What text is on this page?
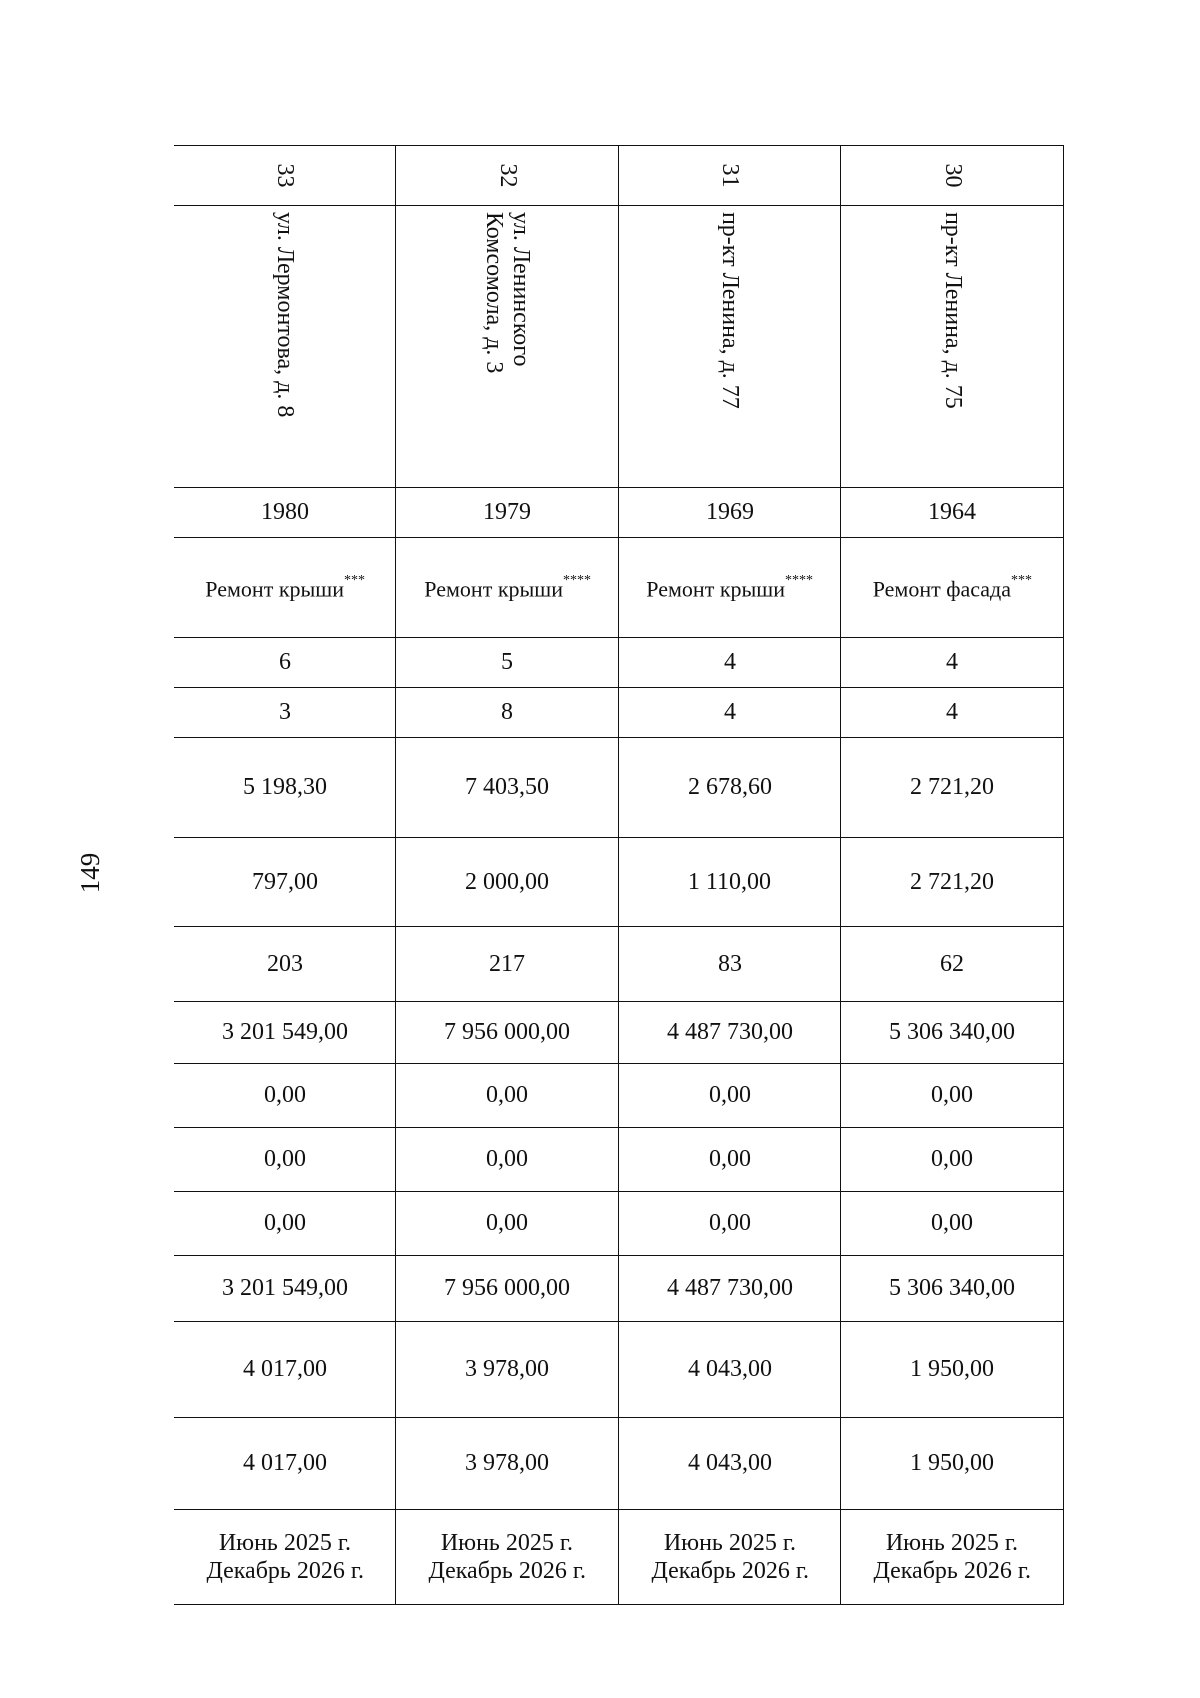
149
30
пр-кт Ленина, д. 75
1964
Ремонт фасада***
4
4
2 721,20
2 721,20
62
5 306 340,00
0,00
0,00
0,00
5 306 340,00
1 950,00
1 950,00
Июнь 2025 г.
Декабрь 2026 г.
31
пр-кт Ленина, д. 77
1969
Ремонт крыши****
4
4
2 678,60
1 110,00
83
4 487 730,00
0,00
0,00
0,00
4 487 730,00
4 043,00
4 043,00
Июнь 2025 г.
Декабрь 2026 г.
32
ул. Ленинского Комсомола, д. 3
1979
Ремонт крыши****
5
8
7 403,50
2 000,00
217
7 956 000,00
0,00
0,00
0,00
7 956 000,00
3 978,00
3 978,00
Июнь 2025 г.
Декабрь 2026 г.
33
ул. Лермонтова, д. 8
1980
Ремонт крыши***
6
3
5 198,30
797,00
203
3 201 549,00
0,00
0,00
0,00
3 201 549,00
4 017,00
4 017,00
Июнь 2025 г.
Декабрь 2026 г.
